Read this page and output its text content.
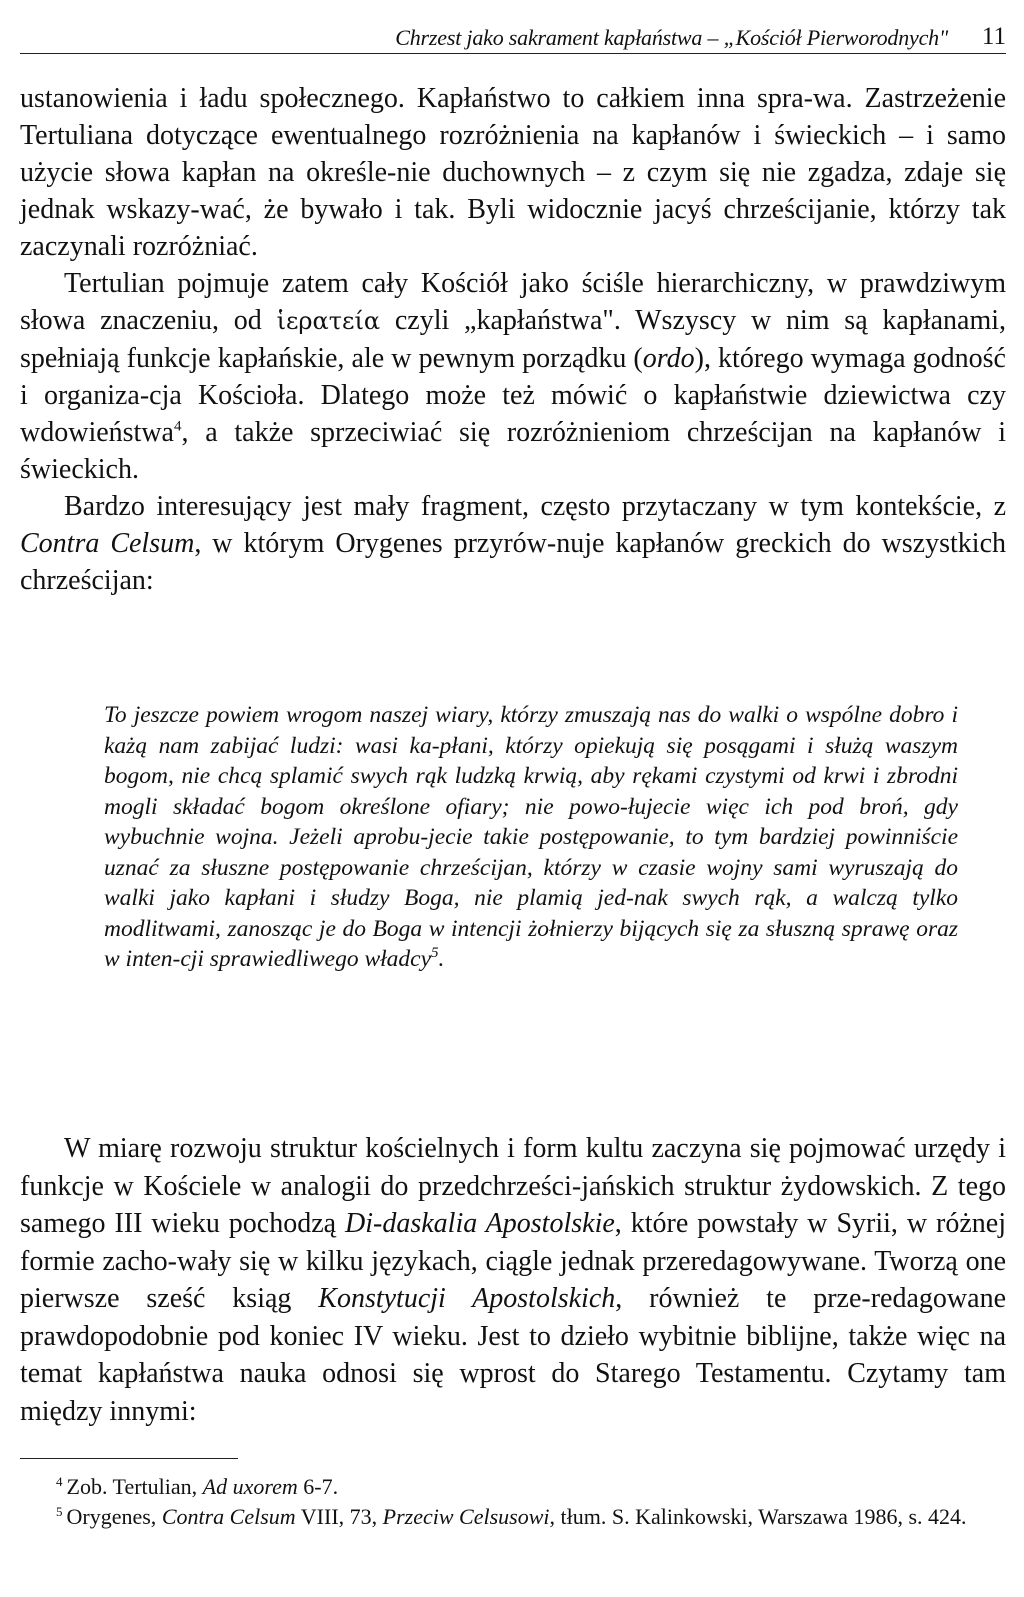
Chrzest jako sakrament kapłaństwa – „Kościół Pierworodnych"	11

ustanowienia i ładu społecznego. Kapłaństwo to całkiem inna spra-wa. Zastrzeżenie Tertuliana dotyczące ewentualnego rozróżnienia na kapłanów i świeckich – i samo użycie słowa kapłan na określe-nie duchownych – z czym się nie zgadza, zdaje się jednak wskazy-wać, że bywało i tak. Byli widocznie jacyś chrześcijanie, którzy tak zaczynali rozróżniać.

Tertulian pojmuje zatem cały Kościół jako ściśle hierarchiczny, w prawdziwym słowa znaczeniu, od ἱερατεία czyli „kapłaństwa". Wszyscy w nim są kapłanami, spełniają funkcje kapłańskie, ale w pewnym porządku (ordo), którego wymaga godność i organiza-cja Kościoła. Dlatego może też mówić o kapłaństwie dziewictwa czy wdowieństwa$^4$, a także sprzeciwiać się rozróżnieniom chrześcijan na kapłanów i świeckich.

Bardzo interesujący jest mały fragment, często przytaczany w tym kontekście, z Contra Celsum, w którym Orygenes przyrów-nuje kapłanów greckich do wszystkich chrześcijan:

To jeszcze powiem wrogom naszej wiary, którzy zmuszają nas do walki o wspólne dobro i każą nam zabijać ludzi: wasi ka-płani, którzy opiekują się posągami i służą waszym bogom, nie chcą splamić swych rąk ludzką krwią, aby rękami czystymi od krwi i zbrodni mogli składać bogom określone ofiary; nie powo-łujecie więc ich pod broń, gdy wybuchnie wojna. Jeżeli aprobu-jecie takie postępowanie, to tym bardziej powinniście uznać za słuszne postępowanie chrześcijan, którzy w czasie wojny sami wyruszają do walki jako kapłani i słudzy Boga, nie plamią jed-nak swych rąk, a walczą tylko modlitwami, zanosząc je do Boga w intencji żołnierzy bijących się za słuszną sprawę oraz w inten-cji sprawiedliwego władcy$^5$.

W miarę rozwoju struktur kościelnych i form kultu zaczyna się pojmować urzędy i funkcje w Kościele w analogii do przedchrześci-jańskich struktur żydowskich. Z tego samego III wieku pochodzą Di-daskalia Apostolskie, które powstały w Syrii, w różnej formie zacho-wały się w kilku językach, ciągle jednak przeredagowywane. Tworzą one pierwsze sześć ksiąg Konstytucji Apostolskich, również te prze-redagowane prawdopodobnie pod koniec IV wieku. Jest to dzieło wybitnie biblijne, także więc na temat kapłaństwa nauka odnosi się wprost do Starego Testamentu. Czytamy tam między innymi:

$^4$ Zob. Tertulian, Ad uxorem 6-7.

$^5$ Orygenes, Contra Celsum VIII, 73, Przeciw Celsusowi, tłum. S. Kalinkowski, Warszawa 1986, s. 424.
